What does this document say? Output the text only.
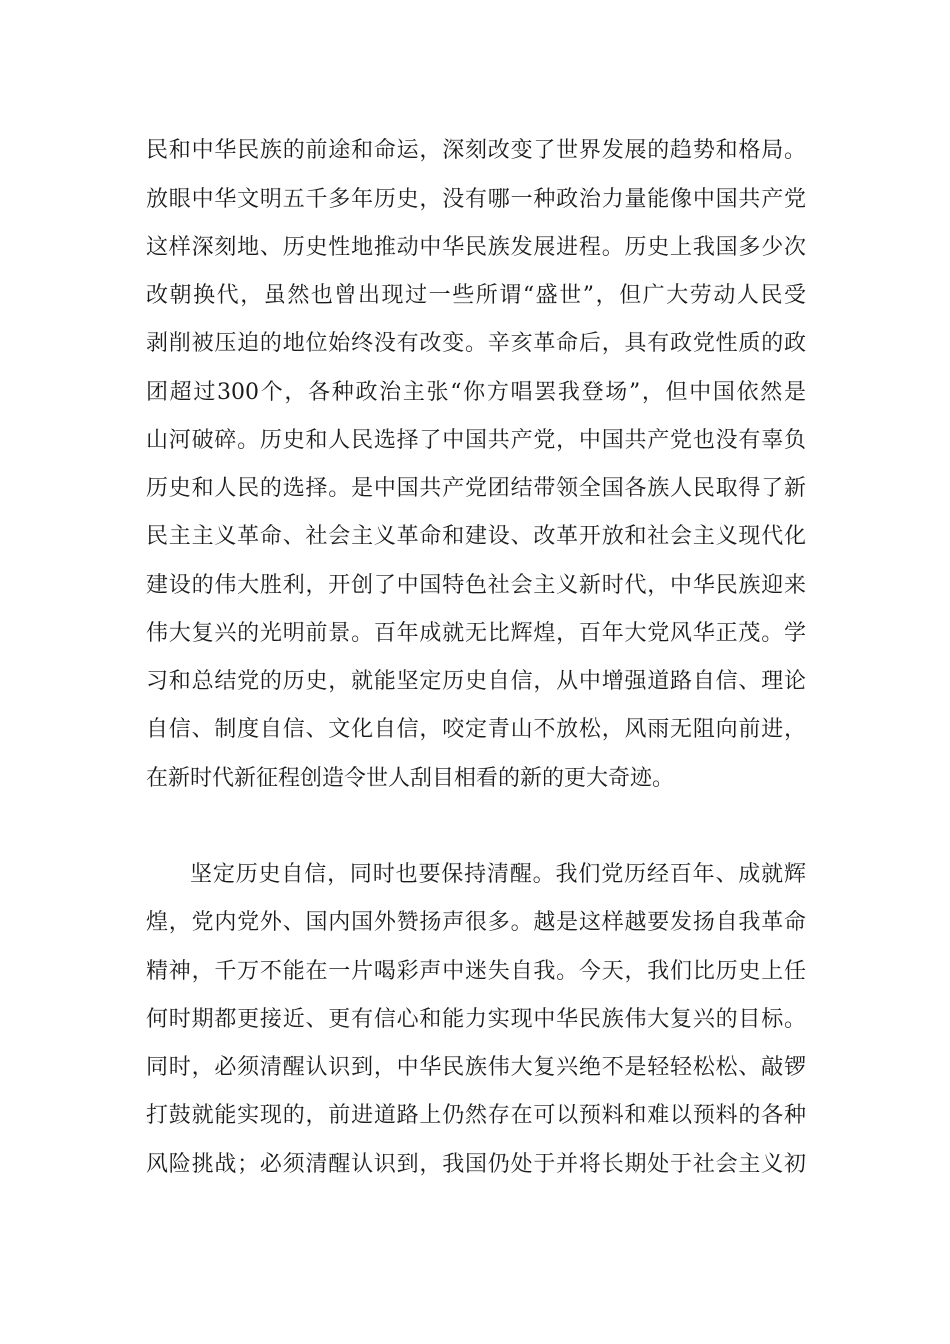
民和中华民族的前途和命运，深刻改变了世界发展的趋势和格局。
放眼中华文明五千多年历史，没有哪一种政治力量能像中国共产党
这样深刻地、历史性地推动中华民族发展进程。历史上我国多少次
改朝换代，虽然也曾出现过一些所谓“盛世”，但广大劳动人民受
剥削被压迫的地位始终没有改变。辛亥革命后，具有政党性质的政
团超过300个，各种政治主张“你方唱罢我登场”，但中国依然是
山河破碎。历史和人民选择了中国共产党，中国共产党也没有辜负
历史和人民的选择。是中国共产党团结带领全国各族人民取得了新
民主主义革命、社会主义革命和建设、改革开放和社会主义现代化
建设的伟大胜利，开创了中国特色社会主义新时代，中华民族迎来
伟大复兴的光明前景。百年成就无比辉煌，百年大党风华正茂。学
习和总结党的历史，就能坚定历史自信，从中增强道路自信、理论
自信、制度自信、文化自信，咬定青山不放松，风雨无阻向前进，
在新时代新征程创造令世人刮目相看的新的更大奇迹。
坚定历史自信，同时也要保持清醒。我们党历经百年、成就辉
煌，党内党外、国内国外赞扬声很多。越是这样越要发扬自我革命
精神，千万不能在一片喝彩声中迷失自我。今天，我们比历史上任
何时期都更接近、更有信心和能力实现中华民族伟大复兴的目标。
同时，必须清醒认识到，中华民族伟大复兴绝不是轻轻松松、敲锣
打鼓就能实现的，前进道路上仍然存在可以预料和难以预料的各种
风险挑战；必须清醒认识到，我国仍处于并将长期处于社会主义初
